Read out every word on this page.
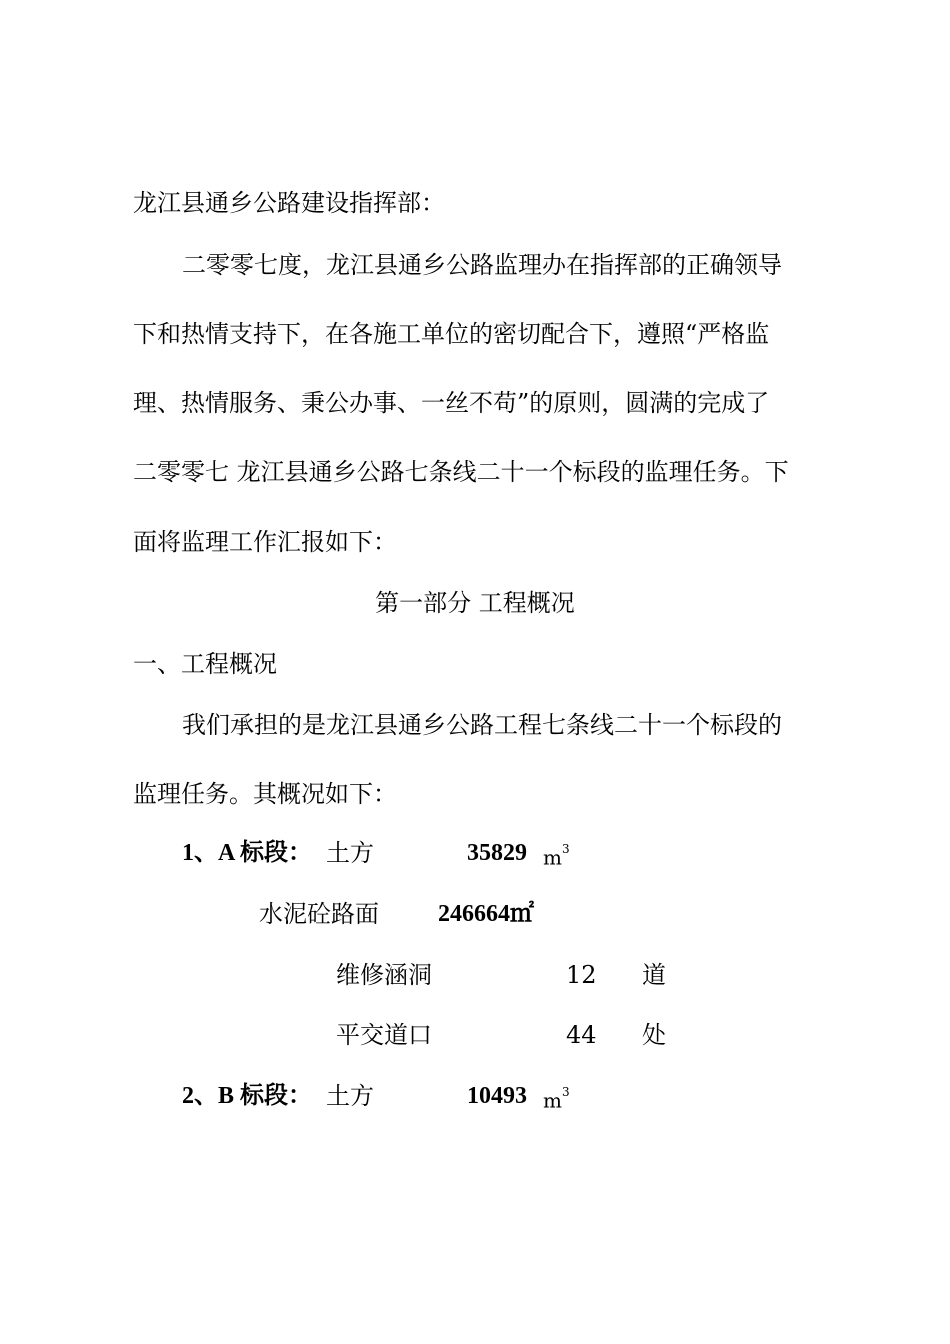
龙江县通乡公路建设指挥部：
二零零七度，龙江县通乡公路监理办在指挥部的正确领导
下和热情支持下，在各施工单位的密切配合下，遵照“严格监
理、热情服务、秉公办事、一丝不苟”的原则，圆满的完成了
二零零七 龙江县通乡公路七条线二十一个标段的监理任务。下
面将监理工作汇报如下：
第一部分 工程概况
一、工程概况
我们承担的是龙江县通乡公路工程七条线二十一个标段的
监理任务。其概况如下：
1、A 标段： 土方	35829 $m^3$
水泥砼路面 246664㎡
维修涵洞	12 道
平交道口	44 处
2、B 标段： 土方	10493 $m^3$
